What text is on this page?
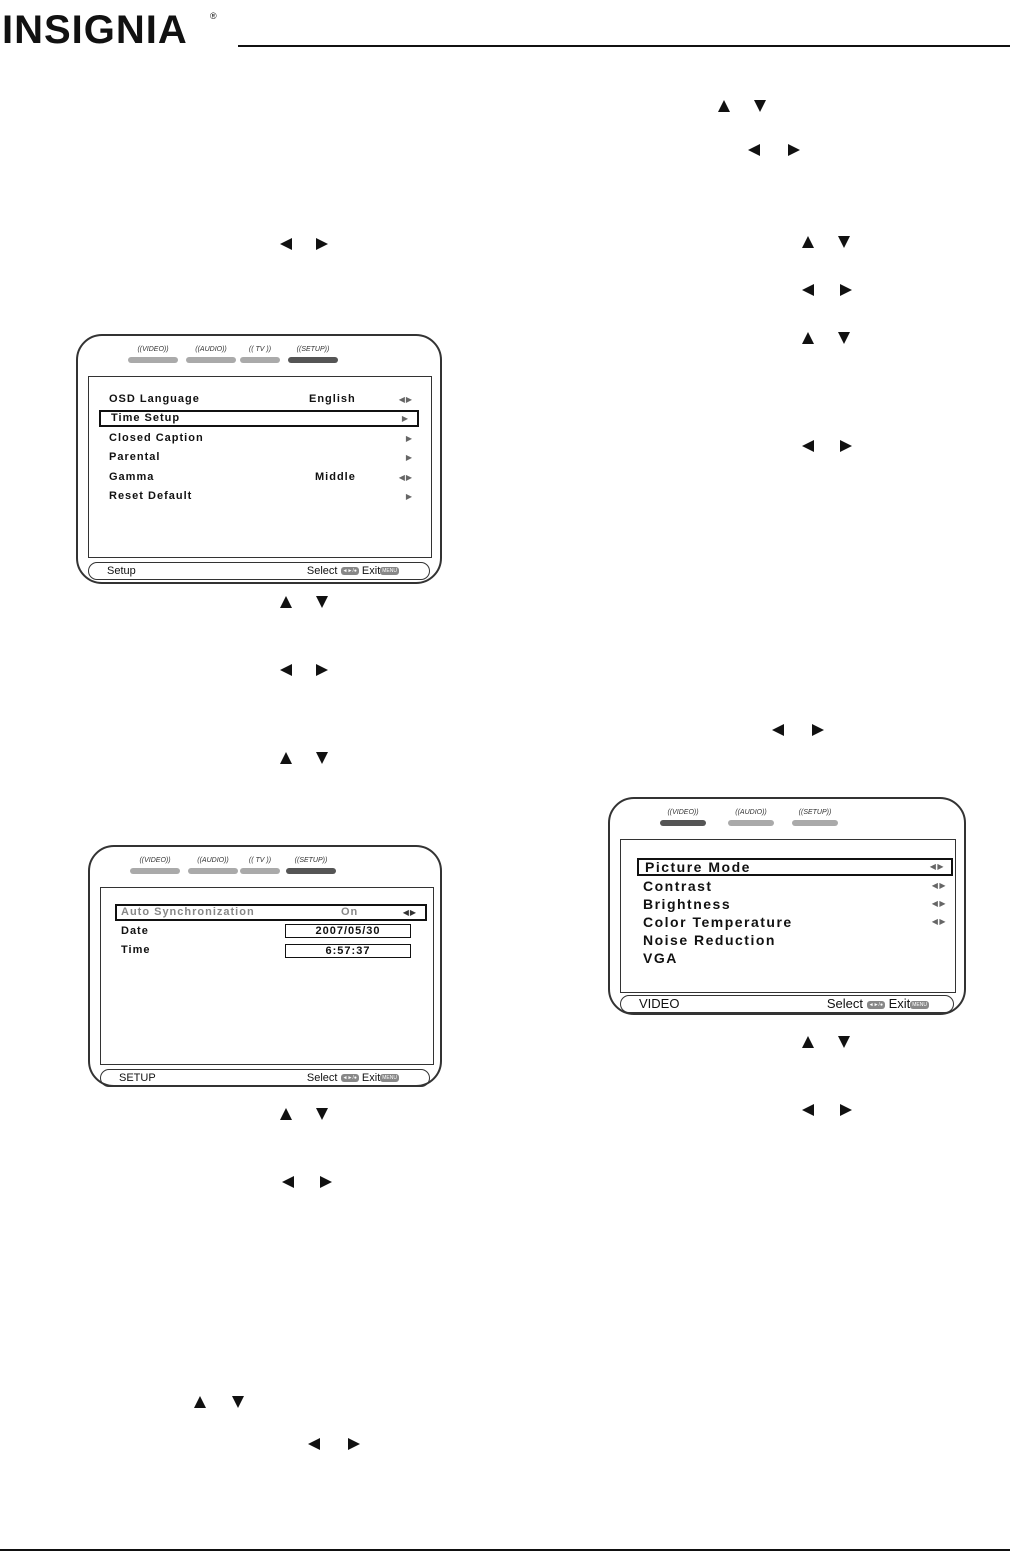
INSIGNIA ®
((VIDEO))	((AUDIO))	(( TV ))	((SETUP))
OSD Language	English	◀▶
Time Setup	▶
Closed Caption	▶
Parental	▶
Gamma	Middle	◀▶
Reset Default	▶
Setup	Select ◄►/● Exit MENU
((VIDEO))	((AUDIO))	(( TV ))	((SETUP))
Auto Synchronization	On	◀▶
Date	2007/05/30
Time	6:57:37
SETUP	Select ◄►/● Exit MENU
((VIDEO))	((AUDIO))	((SETUP))
Picture Mode	◀▶
Contrast	◀▶
Brightness	◀▶
Color Temperature	◀▶
Noise Reduction
VGA
VIDEO	Select ◄►/● Exit MENU
